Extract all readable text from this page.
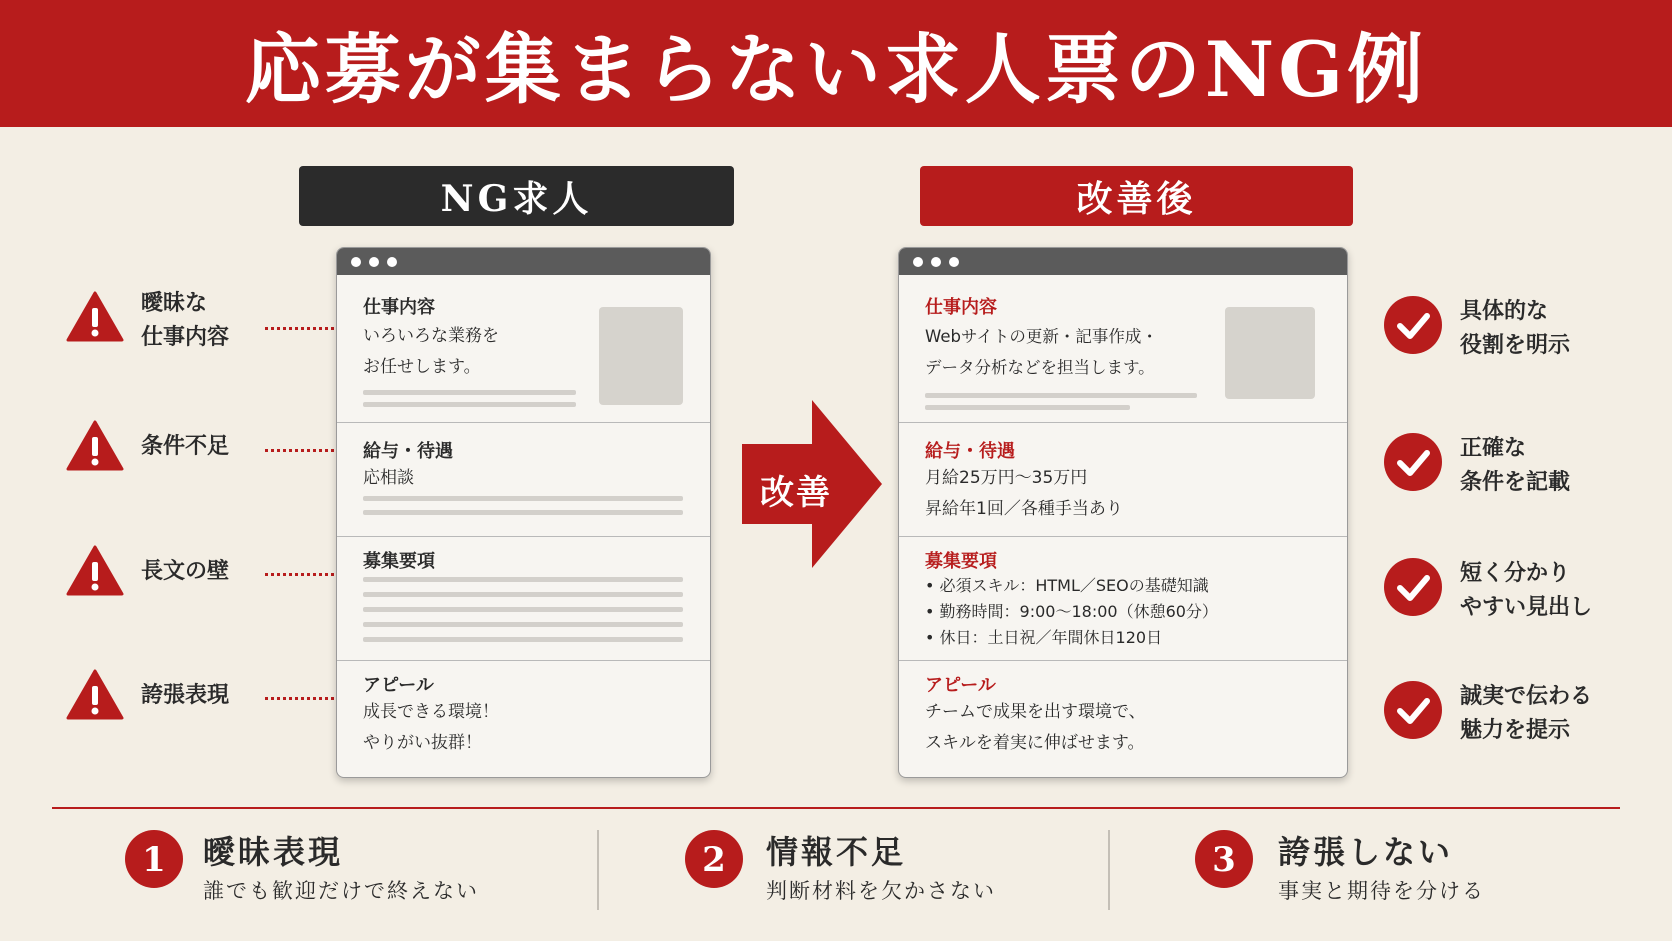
応募が集まらない求人票のNG例
NG求人	改善後
曖昧な
仕事内容
条件不足
長文の壁
誇張表現
仕事内容
いろいろな業務を
お任せします。
給与・待遇
応相談
募集要項
アピール
成長できる環境！
やりがい抜群！
改善
仕事内容
Webサイトの更新・記事作成・
データ分析などを担当します。
給与・待遇
月給25万円〜35万円
昇給年1回／各種手当あり
募集要項
• 必須スキル：HTML／SEOの基礎知識
• 勤務時間：9:00〜18:00（休憩60分）
• 休日：土日祝／年間休日120日
アピール
チームで成果を出す環境で、
スキルを着実に伸ばせます。
具体的な
役割を明示
正確な
条件を記載
短く分かり
やすい見出し
誠実で伝わる
魅力を提示
1 曖昧表現
誰でも歓迎だけで終えない
2 情報不足
判断材料を欠かさない
3 誇張しない
事実と期待を分ける
